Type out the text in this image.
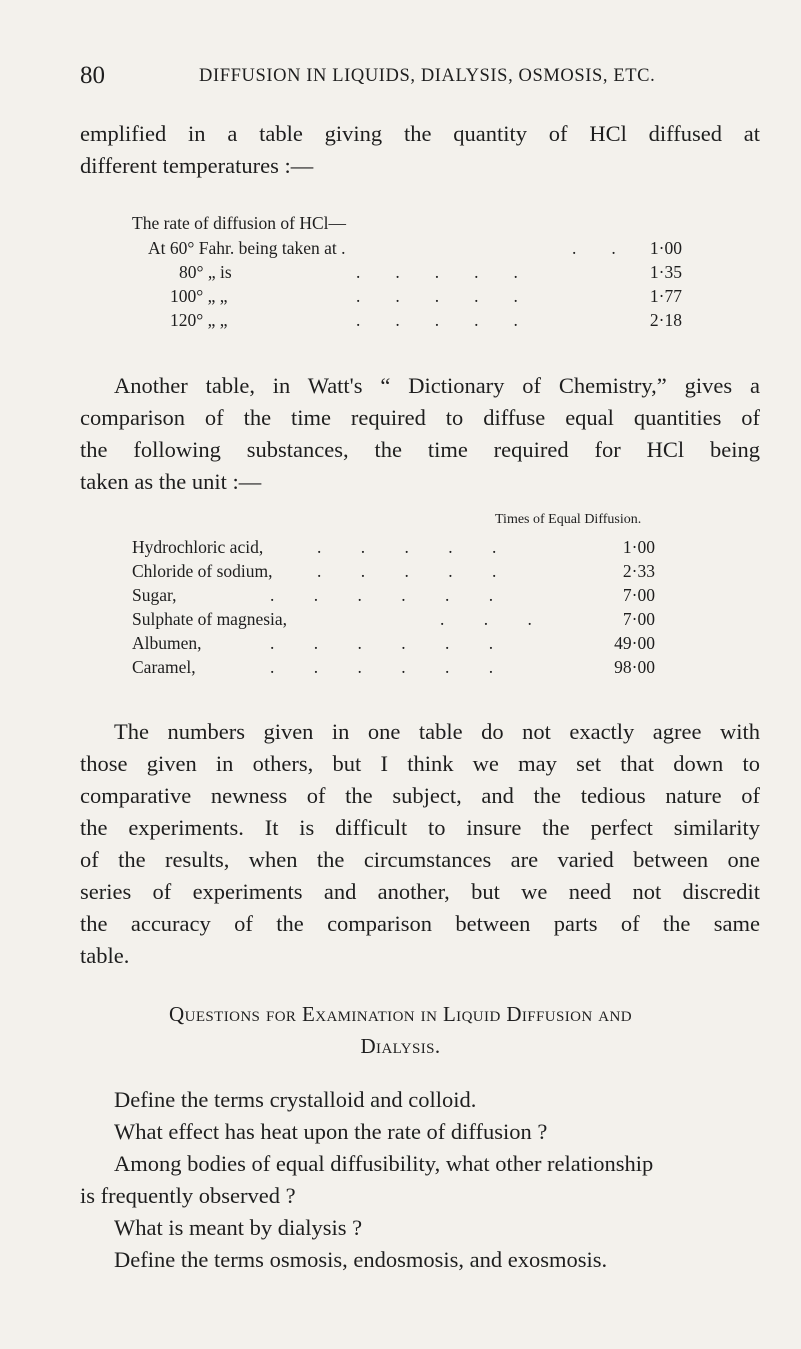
80	DIFFUSION IN LIQUIDS, DIALYSIS, OSMOSIS, ETC.
emplified in a table giving the quantity of HCl diffused at
different temperatures :—
The rate of diffusion of HCl—
At 60° Fahr. being taken at .	.        .	1·00
80° „ is	.        .        .        .        .	1·35
100° „ „	.        .        .        .        .	1·77
120° „ „	.        .        .        .        .	2·18
Another table, in Watt's “ Dictionary of Chemistry,” gives a
comparison of the time required to diffuse equal quantities of
the following substances, the time required for HCl being
taken as the unit :—
Times of Equal Diffusion.
Hydrochloric acid,	.         .         .         .         .	1·00
Chloride of sodium,	.         .         .         .         .	2·33
Sugar,	.         .         .         .         .         .	7·00
Sulphate of magnesia,	.         .         .	7·00
Albumen,	.         .         .         .         .         .	49·00
Caramel,	.         .         .         .         .         .	98·00
The numbers given in one table do not exactly agree with
those given in others, but I think we may set that down to
comparative newness of the subject, and the tedious nature of
the experiments. It is difficult to insure the perfect similarity
of the results, when the circumstances are varied between one
series of experiments and another, but we need not discredit
the accuracy of the comparison between parts of the same
table.
Questions for Examination in Liquid Diffusion and
Dialysis.
Define the terms crystalloid and colloid.
What effect has heat upon the rate of diffusion ?
Among bodies of equal diffusibility, what other relationship
is frequently observed ?
What is meant by dialysis ?
Define the terms osmosis, endosmosis, and exosmosis.
